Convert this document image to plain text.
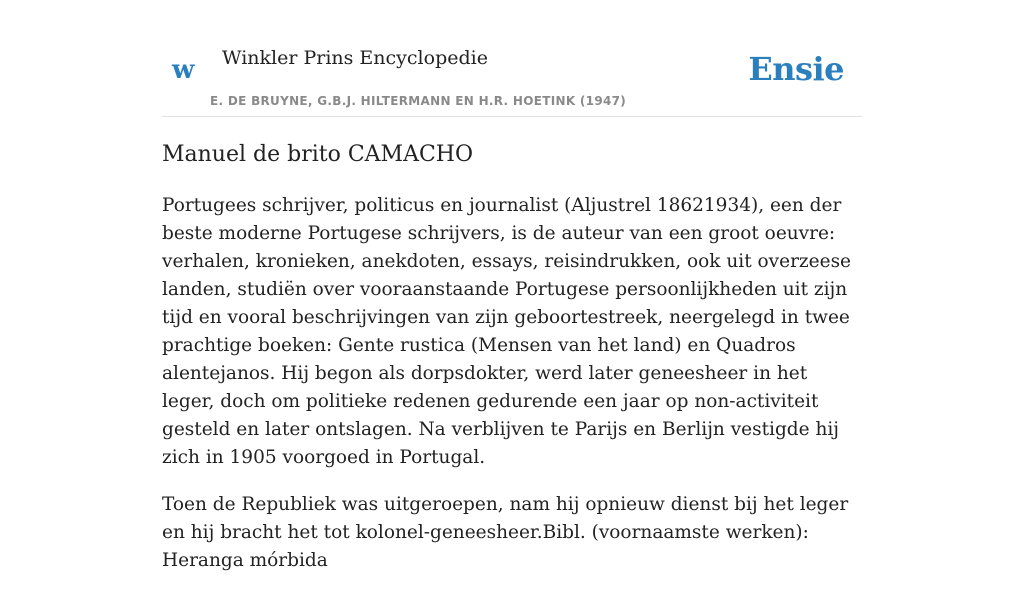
w Winkler Prins Encyclopedie
E. DE BRUYNE, G.B.J. HILTERMANN EN H.R. HOETINK (1947)
Ensie
Manuel de brito CAMACHO

Portugees schrijver, politicus en journalist (Aljustrel 18621934), een der beste moderne Portugese schrijvers, is de auteur van een groot oeuvre: verhalen, kronieken, anekdoten, essays, reisindrukken, ook uit overzeese landen, studiën over vooraanstaande Portugese persoonlijkheden uit zijn tijd en vooral beschrijvingen van zijn geboortestreek, neergelegd in twee prachtige boeken: Gente rustica (Mensen van het land) en Quadros alentejanos. Hij begon als dorpsdokter, werd later geneesheer in het leger, doch om politieke redenen gedurende een jaar op non-activiteit gesteld en later ontslagen. Na verblijven te Parijs en Berlijn vestigde hij zich in 1905 voorgoed in Portugal.

Toen de Republiek was uitgeroepen, nam hij opnieuw dienst bij het leger en hij bracht het tot kolonel-geneesheer.Bibl. (voornaamste werken): Heranga mórbida
